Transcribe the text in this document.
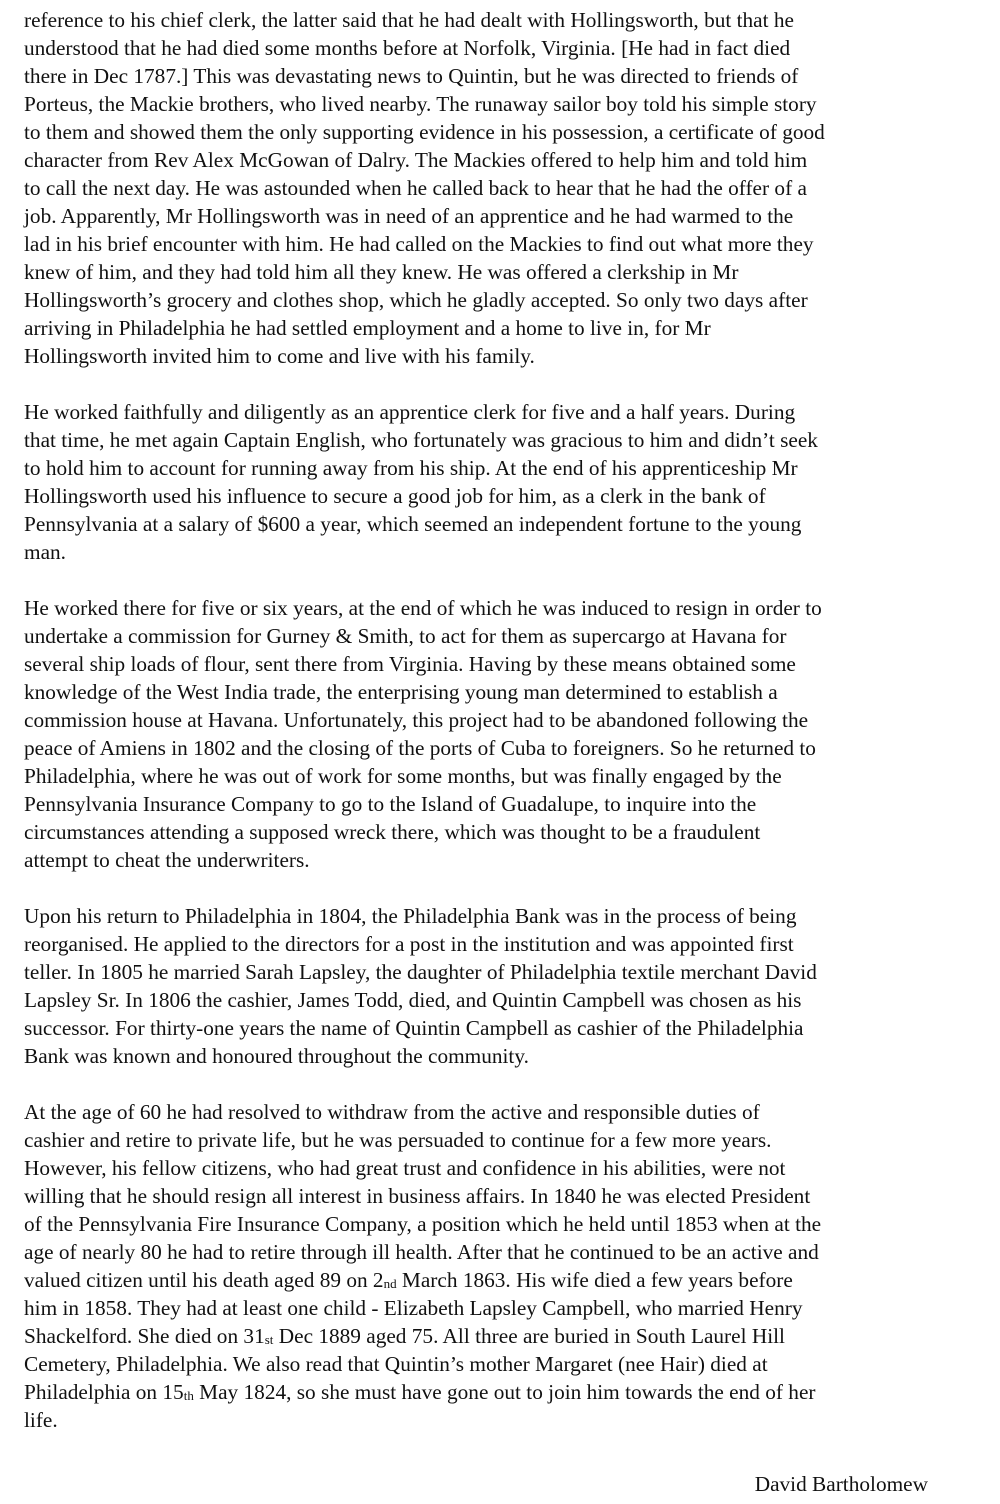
reference to his chief clerk, the latter said that he had dealt with Hollingsworth, but that he
understood that he had died some months before at Norfolk, Virginia. [He had in fact died
there in Dec 1787.] This was devastating news to Quintin, but he was directed to friends of
Porteus, the Mackie brothers, who lived nearby. The runaway sailor boy told his simple story
to them and showed them the only supporting evidence in his possession, a certificate of good
character from Rev Alex McGowan of Dalry. The Mackies offered to help him and told him
to call the next day. He was astounded when he called back to hear that he had the offer of a
job. Apparently, Mr Hollingsworth was in need of an apprentice and he had warmed to the
lad in his brief encounter with him. He had called on the Mackies to find out what more they
knew of him, and they had told him all they knew. He was offered a clerkship in Mr
Hollingsworth’s grocery and clothes shop, which he gladly accepted. So only two days after
arriving in Philadelphia he had settled employment and a home to live in, for Mr
Hollingsworth invited him to come and live with his family.

He worked faithfully and diligently as an apprentice clerk for five and a half years. During
that time, he met again Captain English, who fortunately was gracious to him and didn’t seek
to hold him to account for running away from his ship. At the end of his apprenticeship Mr
Hollingsworth used his influence to secure a good job for him, as a clerk in the bank of
Pennsylvania at a salary of $600 a year, which seemed an independent fortune to the young
man.

He worked there for five or six years, at the end of which he was induced to resign in order to
undertake a commission for Gurney & Smith, to act for them as supercargo at Havana for
several ship loads of flour, sent there from Virginia. Having by these means obtained some
knowledge of the West India trade, the enterprising young man determined to establish a
commission house at Havana. Unfortunately, this project had to be abandoned following the
peace of Amiens in 1802 and the closing of the ports of Cuba to foreigners. So he returned to
Philadelphia, where he was out of work for some months, but was finally engaged by the
Pennsylvania Insurance Company to go to the Island of Guadalupe, to inquire into the
circumstances attending a supposed wreck there, which was thought to be a fraudulent
attempt to cheat the underwriters.

Upon his return to Philadelphia in 1804, the Philadelphia Bank was in the process of being
reorganised. He applied to the directors for a post in the institution and was appointed first
teller. In 1805 he married Sarah Lapsley, the daughter of Philadelphia textile merchant David
Lapsley Sr. In 1806 the cashier, James Todd, died, and Quintin Campbell was chosen as his
successor. For thirty-one years the name of Quintin Campbell as cashier of the Philadelphia
Bank was known and honoured throughout the community.

At the age of 60 he had resolved to withdraw from the active and responsible duties of
cashier and retire to private life, but he was persuaded to continue for a few more years.
However, his fellow citizens, who had great trust and confidence in his abilities, were not
willing that he should resign all interest in business affairs. In 1840 he was elected President
of the Pennsylvania Fire Insurance Company, a position which he held until 1853 when at the
age of nearly 80 he had to retire through ill health. After that he continued to be an active and
valued citizen until his death aged 89 on 2nd March 1863. His wife died a few years before
him in 1858. They had at least one child - Elizabeth Lapsley Campbell, who married Henry
Shackelford. She died on 31st Dec 1889 aged 75. All three are buried in South Laurel Hill
Cemetery, Philadelphia. We also read that Quintin’s mother Margaret (nee Hair) died at
Philadelphia on 15th May 1824, so she must have gone out to join him towards the end of her
life.

David Bartholomew
